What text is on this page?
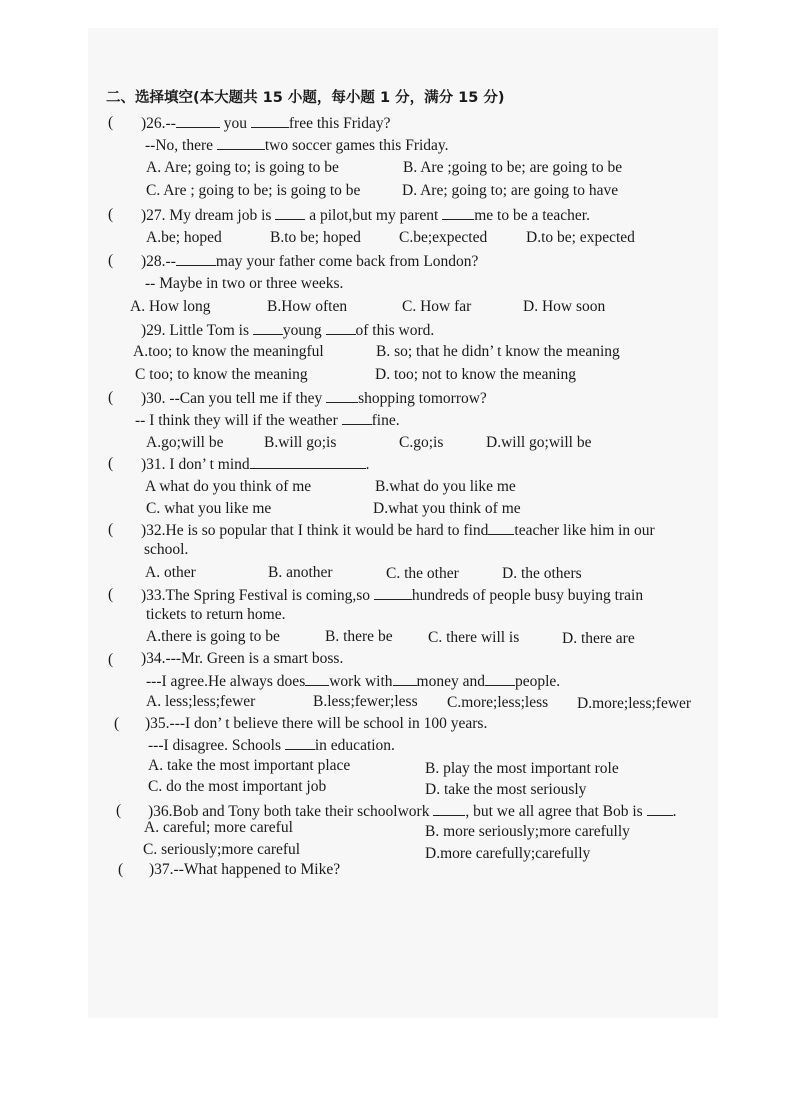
二、选择填空(本大题共 15 小题，每小题 1 分，满分 15 分)
( )26.--	you	free this Friday?
--No, there	two soccer games this Friday.
A. Are; going to; is going to be	B. Are ;going to be; are going to be
C. Are ; going to be; is going to be	D. Are; going to; are going to have
( )27. My dream job is a pilot,but my parent me to be a teacher.
A.be; hoped	B.to be; hoped C.be;expected	D.to be; expected
( )28.--	may your father come back from London?
-- Maybe in two or three weeks.
A. How long	B.How often	C. How far	D. How soon
)29. Little Tom is young of this word.
A.too; to know the meaningful	B. so; that he didn’ t know the meaning
C too; to know the meaning	D. too; not to know the meaning
( )30. --Can you tell me if they shopping tomorrow?
-- I think they will if the weather fine.
A.go;will be	B.will go;is	C.go;is	D.will go;will be
( )31. I don’ t mind	.
A what do you think of me	B.what do you like me
C. what you like me	D.what you think of me
( )32.He is so popular that I think it would be hard to find teacher like him in our
school.
A. other	B. another	C. the other	D. the others
( )33.The Spring Festival is coming,so	hundreds of people busy buying train
tickets to return home.
A.there is going to be	B. there be C. there will is	D. there are
( )34.---Mr. Green is a smart boss.
---I agree.He always does work with money and people.
A. less;less;fewer	B.less;fewer;less C.more;less;less D.more;less;fewer
( )35.---I don’ t believe there will be school in 100 years.
---I disagree. Schools in education.
A. take the most important place	B. play the most important role
C. do the most important job	D. take the most seriously
( )36.Bob and Tony both take their schoolwork , but we all agree that Bob is .
A. careful; more careful	B. more seriously;more carefully
C. seriously;more careful	D.more carefully;carefully
( )37.--What happened to Mike?
